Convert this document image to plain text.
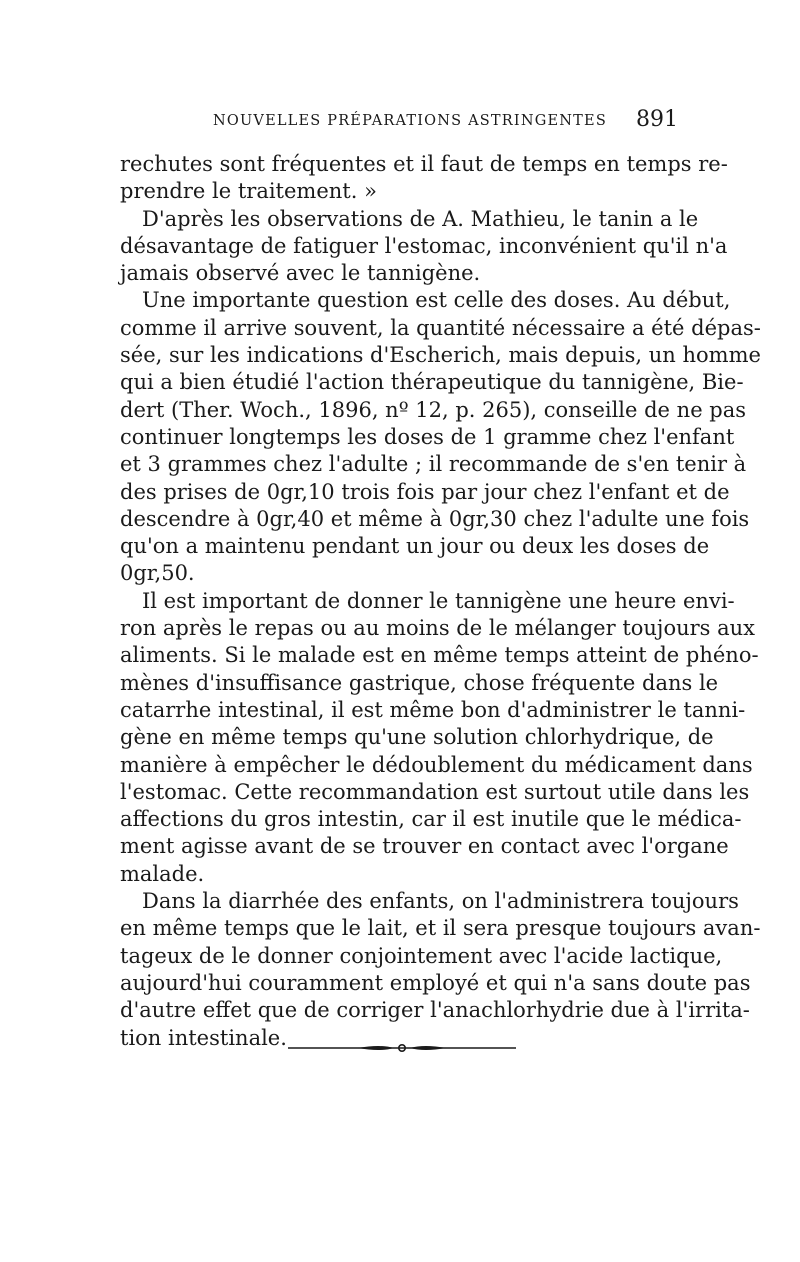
NOUVELLES PRÉPARATIONS ASTRINGENTES 891

rechutes sont fréquentes et il faut de temps en temps re-
prendre le traitement. »

D'après les observations de A. Mathieu, le tanin a le
désavantage de fatiguer l'estomac, inconvénient qu'il n'a
jamais observé avec le tannigène.

Une importante question est celle des doses. Au début,
comme il arrive souvent, la quantité nécessaire a été dépas-
sée, sur les indications d'Escherich, mais depuis, un homme
qui a bien étudié l'action thérapeutique du tannigène, Bie-
dert (Ther. Woch., 1896, nº 12, p. 265), conseille de ne pas
continuer longtemps les doses de 1 gramme chez l'enfant
et 3 grammes chez l'adulte ; il recommande de s'en tenir à
des prises de 0gr,10 trois fois par jour chez l'enfant et de
descendre à 0gr,40 et même à 0gr,30 chez l'adulte une fois
qu'on a maintenu pendant un jour ou deux les doses de
0gr,50.

Il est important de donner le tannigène une heure envi-
ron après le repas ou au moins de le mélanger toujours aux
aliments. Si le malade est en même temps atteint de phéno-
mènes d'insuffisance gastrique, chose fréquente dans le
catarrhe intestinal, il est même bon d'administrer le tanni-
gène en même temps qu'une solution chlorhydrique, de
manière à empêcher le dédoublement du médicament dans
l'estomac. Cette recommandation est surtout utile dans les
affections du gros intestin, car il est inutile que le médica-
ment agisse avant de se trouver en contact avec l'organe
malade.

Dans la diarrhée des enfants, on l'administrera toujours
en même temps que le lait, et il sera presque toujours avan-
tageux de le donner conjointement avec l'acide lactique,
aujourd'hui couramment employé et qui n'a sans doute pas
d'autre effet que de corriger l'anachlorhydrie due à l'irrita-
tion intestinale.
